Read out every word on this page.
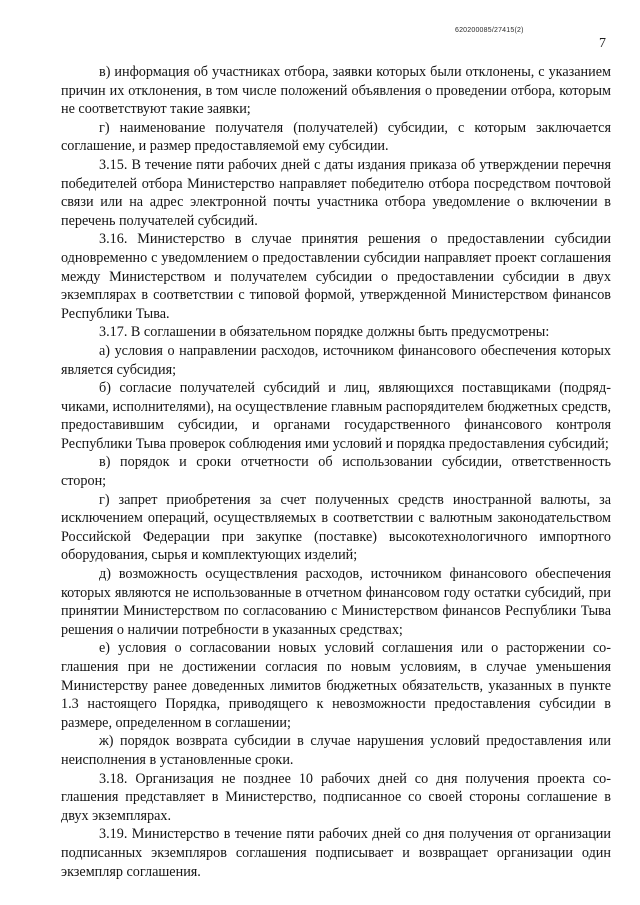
620200085/27415(2)
7

в) информация об участниках отбора, заявки которых были отклонены, с указанием причин их отклонения, в том числе положений объявления о проведении отбора, которым не соответствуют такие заявки;

г) наименование получателя (получателей) субсидии, с которым заключается соглашение, и размер предоставляемой ему субсидии.

3.15. В течение пяти рабочих дней с даты издания приказа об утверждении перечня победителей отбора Министерство направляет победителю отбора посредством почтовой связи или на адрес электронной почты участника отбора уведомление о включении в перечень получателей субсидий.

3.16. Министерство в случае принятия решения о предоставлении субсидии одновременно с уведомлением о предоставлении субсидии направляет проект соглашения между Министерством и получателем субсидии о предоставлении субсидии в двух экземплярах в соответствии с типовой формой, утвержденной Министерством финансов Республики Тыва.

3.17. В соглашении в обязательном порядке должны быть предусмотрены:

а) условия о направлении расходов, источником финансового обеспечения которых является субсидия;

б) согласие получателей субсидий и лиц, являющихся поставщиками (подрядчиками, исполнителями), на осуществление главным распорядителем бюджетных средств, предоставившим субсидии, и органами государственного финансового контроля Республики Тыва проверок соблюдения ими условий и порядка предоставления субсидий;

в) порядок и сроки отчетности об использовании субсидии, ответственность сторон;

г) запрет приобретения за счет полученных средств иностранной валюты, за исключением операций, осуществляемых в соответствии с валютным законодательством Российской Федерации при закупке (поставке) высокотехнологичного импортного оборудования, сырья и комплектующих изделий;

д) возможность осуществления расходов, источником финансового обеспечения которых являются не использованные в отчетном финансовом году остатки субсидий, при принятии Министерством по согласованию с Министерством финансов Республики Тыва решения о наличии потребности в указанных средствах;

е) условия о согласовании новых условий соглашения или о расторжении соглашения при не достижении согласия по новым условиям, в случае уменьшения Министерству ранее доведенных лимитов бюджетных обязательств, указанных в пункте 1.3 настоящего Порядка, приводящего к невозможности предоставления субсидии в размере, определенном в соглашении;

ж) порядок возврата субсидии в случае нарушения условий предоставления или неисполнения в установленные сроки.

3.18. Организация не позднее 10 рабочих дней со дня получения проекта соглашения представляет в Министерство, подписанное со своей стороны соглашение в двух экземплярах.

3.19. Министерство в течение пяти рабочих дней со дня получения от организации подписанных экземпляров соглашения подписывает и возвращает организации один экземпляр соглашения.
